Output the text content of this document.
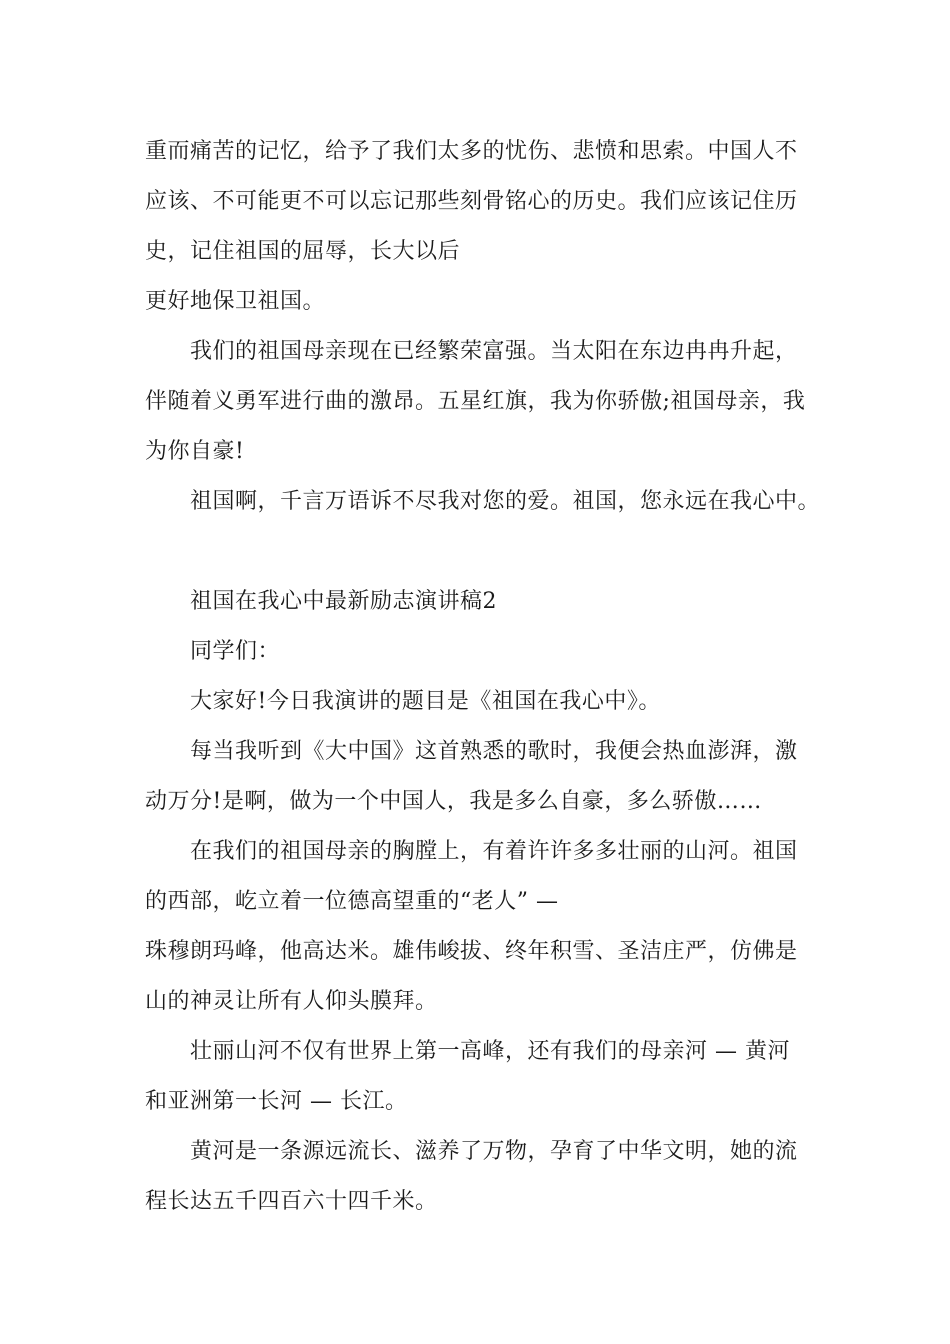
重而痛苦的记忆，给予了我们太多的忧伤、悲愤和思索。中国人不
应该、不可能更不可以忘记那些刻骨铭心的历史。我们应该记住历
史，记住祖国的屈辱，长大以后
更好地保卫祖国。
我们的祖国母亲现在已经繁荣富强。当太阳在东边冉冉升起，
伴随着义勇军进行曲的激昂。五星红旗，我为你骄傲;祖国母亲，我
为你自豪!
祖国啊，千言万语诉不尽我对您的爱。祖国，您永远在我心中。
祖国在我心中最新励志演讲稿2
同学们：
大家好!今日我演讲的题目是《祖国在我心中》。
每当我听到《大中国》这首熟悉的歌时，我便会热血澎湃，激
动万分!是啊，做为一个中国人，我是多么自豪，多么骄傲……
在我们的祖国母亲的胸膛上，有着许许多多壮丽的山河。祖国
的西部，屹立着一位德高望重的“老人” —
珠穆朗玛峰，他高达米。雄伟峻拔、终年积雪、圣洁庄严，仿佛是
山的神灵让所有人仰头膜拜。
壮丽山河不仅有世界上第一高峰，还有我们的母亲河 — 黄河
和亚洲第一长河 — 长江。
黄河是一条源远流长、滋养了万物，孕育了中华文明，她的流
程长达五千四百六十四千米。
